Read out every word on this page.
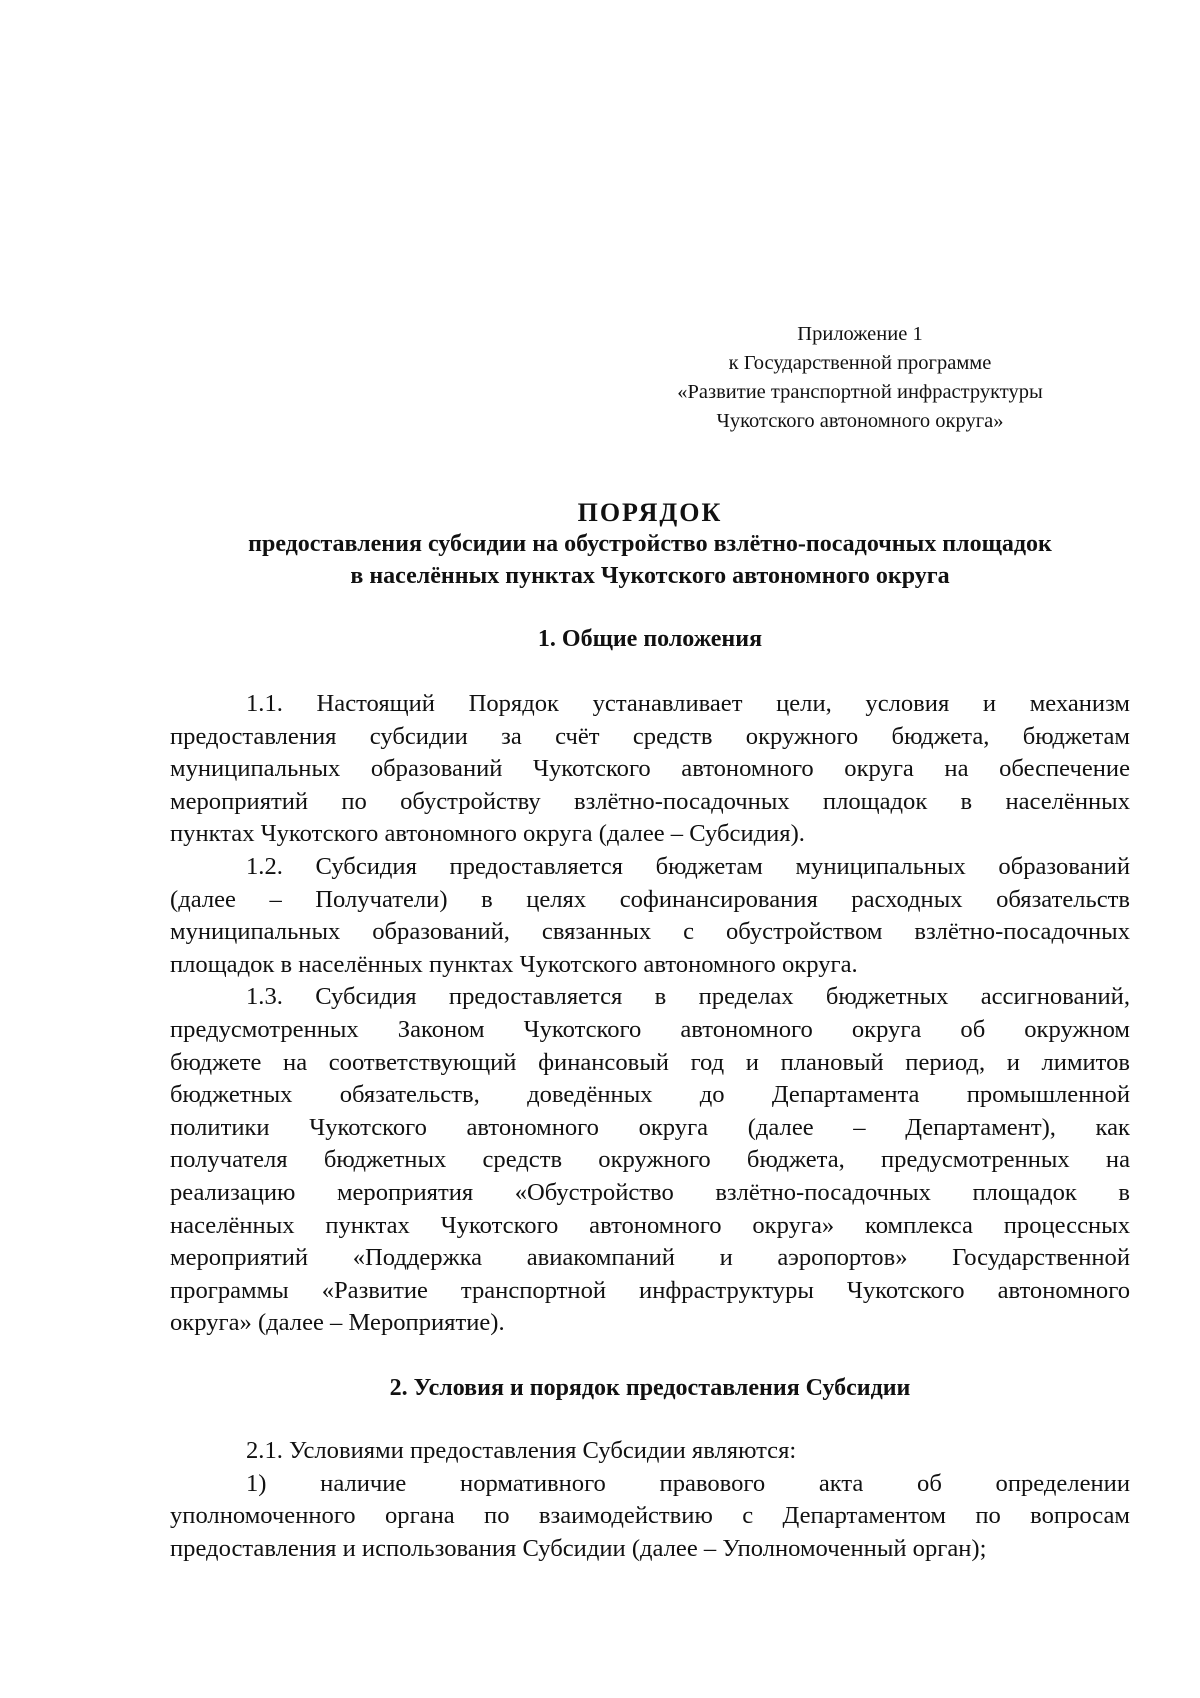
Приложение 1
к Государственной программе
«Развитие транспортной инфраструктуры
Чукотского автономного округа»
ПОРЯДОК
предоставления субсидии на обустройство взлётно-посадочных площадок
в населённых пунктах Чукотского автономного округа
1. Общие положения
1.1. Настоящий Порядок устанавливает цели, условия и механизм
предоставления субсидии за счёт средств окружного бюджета, бюджетам
муниципальных образований Чукотского автономного округа на обеспечение
мероприятий по обустройству взлётно-посадочных площадок в населённых
пунктах Чукотского автономного округа (далее – Субсидия).
1.2. Субсидия предоставляется бюджетам муниципальных образований
(далее – Получатели) в целях софинансирования расходных обязательств
муниципальных образований, связанных с обустройством взлётно-посадочных
площадок в населённых пунктах Чукотского автономного округа.
1.3. Субсидия предоставляется в пределах бюджетных ассигнований,
предусмотренных Законом Чукотского автономного округа об окружном
бюджете на соответствующий финансовый год и плановый период, и лимитов
бюджетных обязательств, доведённых до Департамента промышленной
политики Чукотского автономного округа (далее – Департамент), как
получателя бюджетных средств окружного бюджета, предусмотренных на
реализацию мероприятия «Обустройство взлётно-посадочных площадок в
населённых пунктах Чукотского автономного округа» комплекса процессных
мероприятий «Поддержка авиакомпаний и аэропортов» Государственной
программы «Развитие транспортной инфраструктуры Чукотского автономного
округа» (далее – Мероприятие).
2. Условия и порядок предоставления Субсидии
2.1. Условиями предоставления Субсидии являются:
1) наличие нормативного правового акта об определении
уполномоченного органа по взаимодействию с Департаментом по вопросам
предоставления и использования Субсидии (далее – Уполномоченный орган);
